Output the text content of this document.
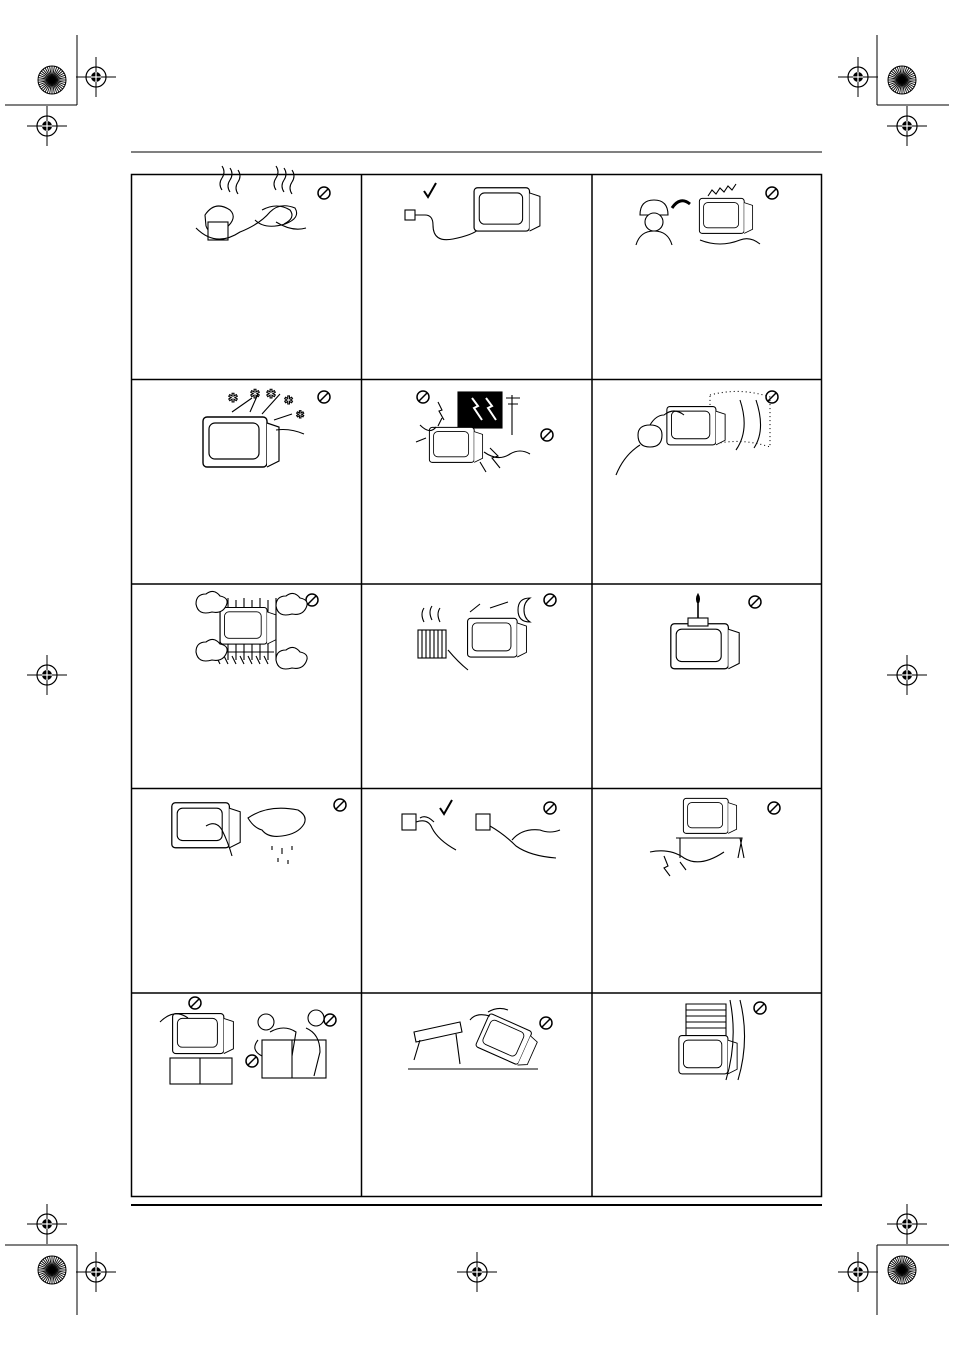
✱ ✱ ✱ ✱
✱
